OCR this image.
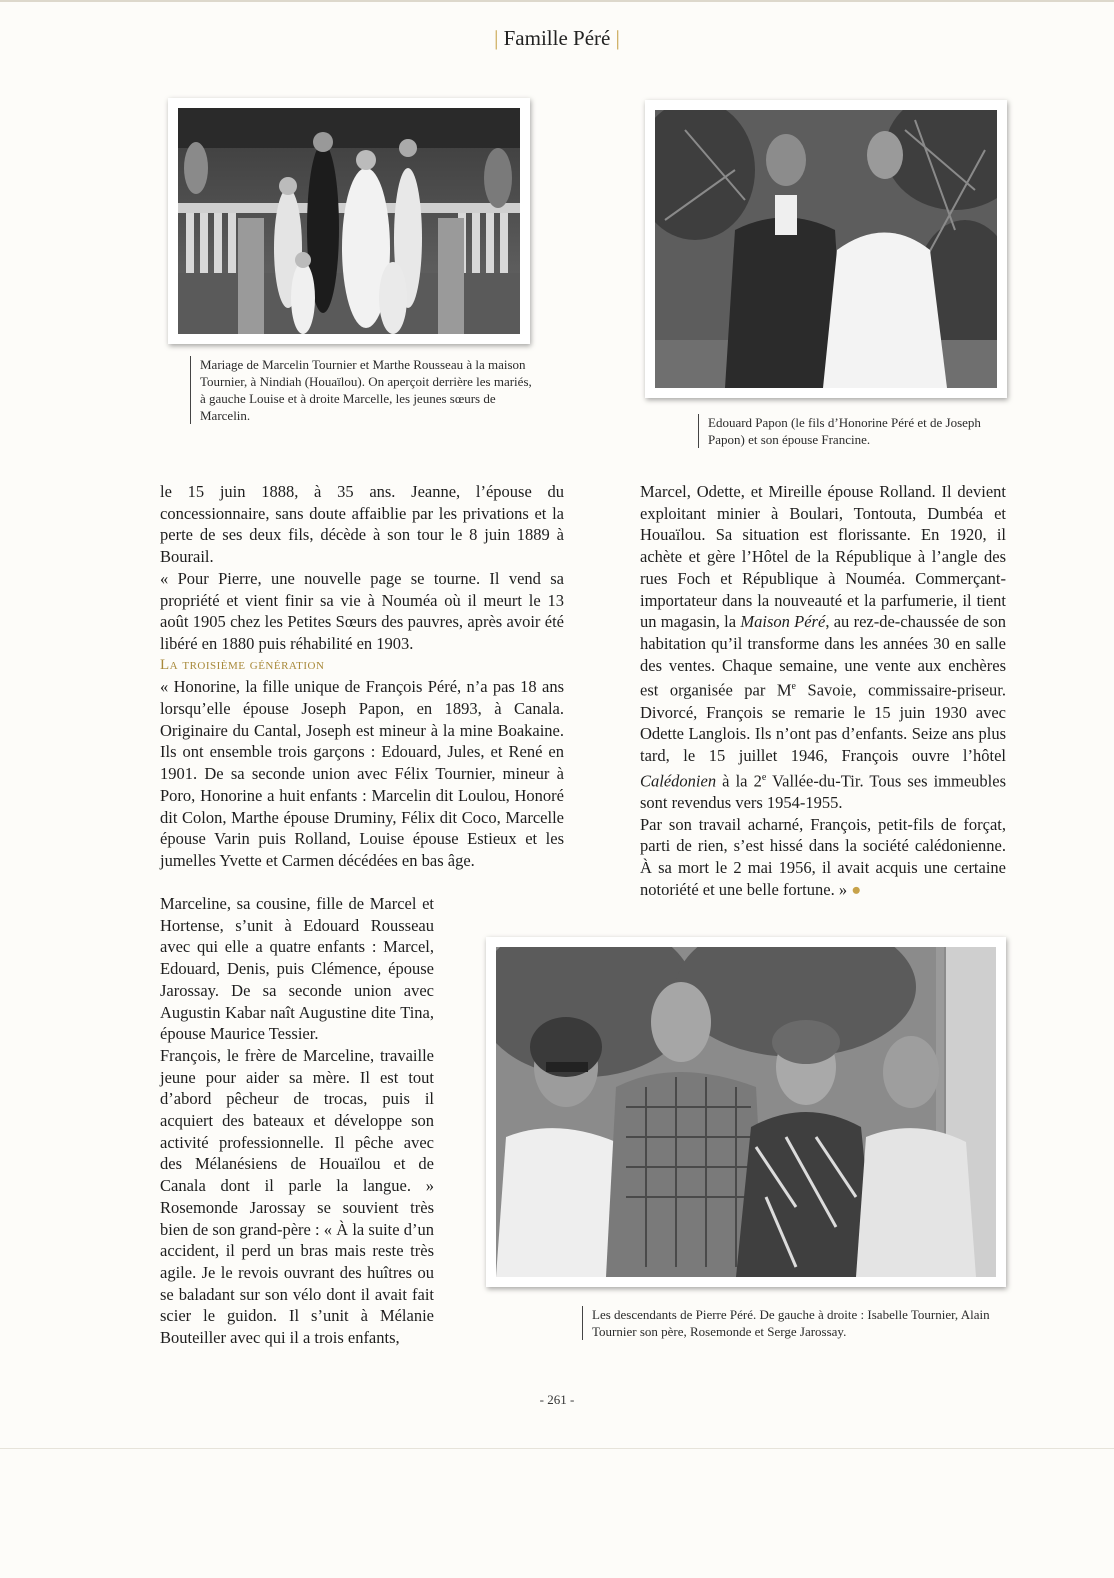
| Famille Péré |
Mariage de Marcelin Tournier et Marthe Rousseau à la maison Tournier, à Nindiah (Houaïlou). On aperçoit derrière les mariés, à gauche Louise et à droite Marcelle, les jeunes sœurs de Marcelin.	Edouard Papon (le fils d’Honorine Péré et de Joseph Papon) et son épouse Francine.

le 15 juin 1888, à 35 ans. Jeanne, l’épouse du concessionnaire, sans doute affaiblie par les privations et la perte de ses deux fils, décède à son tour le 8 juin 1889 à Bourail.

« Pour Pierre, une nouvelle page se tourne. Il vend sa propriété et vient finir sa vie à Nouméa où il meurt le 13 août 1905 chez les Petites Sœurs des pauvres, après avoir été libéré en 1880 puis réhabilité en 1903.

La troisième génération

« Honorine, la fille unique de François Péré, n’a pas 18 ans lorsqu’elle épouse Joseph Papon, en 1893, à Canala. Originaire du Cantal, Joseph est mineur à la mine Boakaine. Ils ont ensemble trois garçons : Edouard, Jules, et René en 1901. De sa seconde union avec Félix Tournier, mineur à Poro, Honorine a huit enfants : Marcelin dit Loulou, Honoré dit Colon, Marthe épouse Druminy, Félix dit Coco, Marcelle épouse Varin puis Rolland, Louise épouse Estieux et les jumelles Yvette et Carmen décédées en bas âge.

Marceline, sa cousine, fille de Marcel et Hortense, s’unit à Edouard Rousseau avec qui elle a quatre enfants : Marcel, Edouard, Denis, puis Clémence, épouse Jarossay. De sa seconde union avec Augustin Kabar naît Augustine dite Tina, épouse Maurice Tessier.

François, le frère de Marceline, travaille jeune pour aider sa mère. Il est tout d’abord pêcheur de trocas, puis il acquiert des bateaux et développe son activité professionnelle. Il pêche avec des Mélanésiens de Houaïlou et de Canala dont il parle la langue. » Rosemonde Jarossay se souvient très bien de son grand-père : « À la suite d’un accident, il perd un bras mais reste très agile. Je le revois ouvrant des huîtres ou se baladant sur son vélo dont il avait fait scier le guidon. Il s’unit à Mélanie Bouteiller avec qui il a trois enfants,

Marcel, Odette, et Mireille épouse Rolland. Il devient exploitant minier à Boulari, Tontouta, Dumbéa et Houaïlou. Sa situation est florissante. En 1920, il achète et gère l’Hôtel de la République à l’angle des rues Foch et République à Nouméa. Commerçant-importateur dans la nouveauté et la parfumerie, il tient un magasin, la Maison Péré, au rez-de-chaussée de son habitation qu’il transforme dans les années 30 en salle des ventes. Chaque semaine, une vente aux enchères est organisée par Me Savoie, commissaire-priseur. Divorcé, François se remarie le 15 juin 1930 avec Odette Langlois. Ils n’ont pas d’enfants. Seize ans plus tard, le 15 juillet 1946, François ouvre l’hôtel Calédonien à la 2e Vallée-du-Tir. Tous ses immeubles sont revendus vers 1954-1955.

Par son travail acharné, François, petit-fils de forçat, parti de rien, s’est hissé dans la société calédonienne. À sa mort le 2 mai 1956, il avait acquis une certaine notoriété et une belle fortune. » ●

Les descendants de Pierre Péré. De gauche à droite : Isabelle Tournier, Alain Tournier son père, Rosemonde et Serge Jarossay.
- 261 -
